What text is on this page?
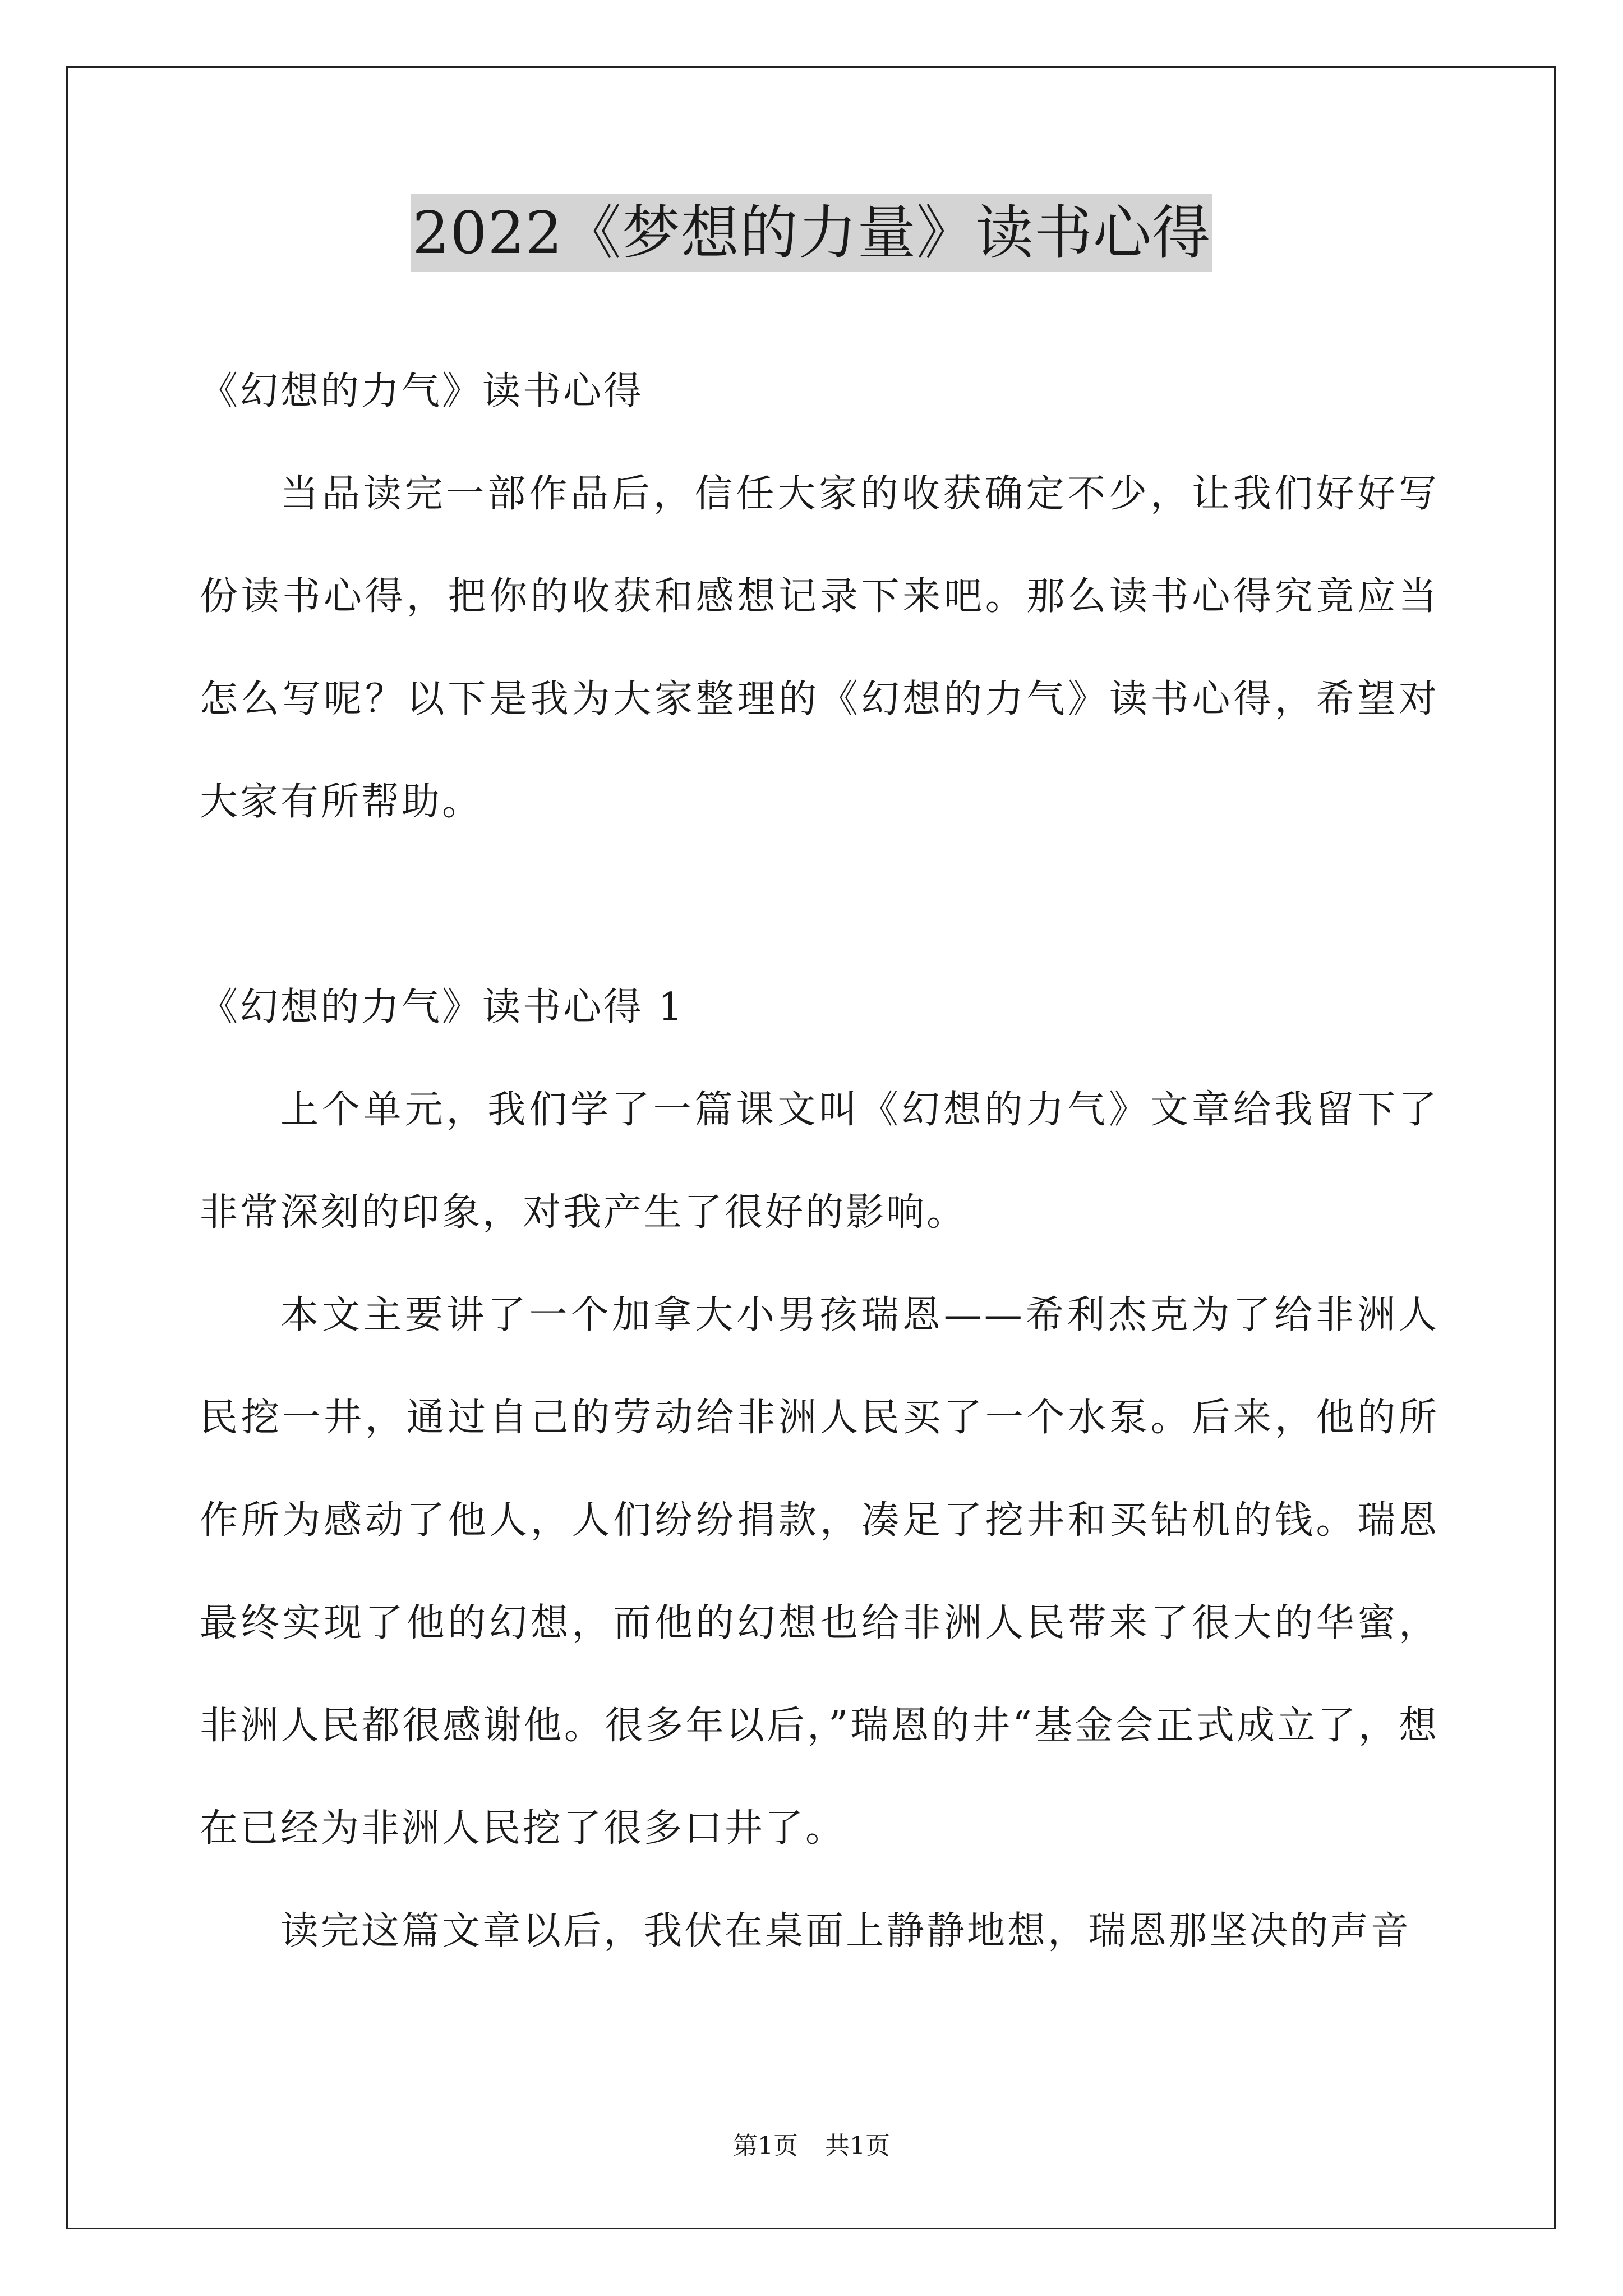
2022《梦想的力量》读书心得

《幻想的力气》读书心得

当品读完一部作品后，信任大家的收获确定不少，让我们好好写份读书心得，把你的收获和感想记录下来吧。那么读书心得究竟应当怎么写呢？以下是我为大家整理的《幻想的力气》读书心得，希望对大家有所帮助。

《幻想的力气》读书心得 1

上个单元，我们学了一篇课文叫《幻想的力气》文章给我留下了非常深刻的印象，对我产生了很好的影响。

本文主要讲了一个加拿大小男孩瑞恩——希利杰克为了给非洲人民挖一井，通过自己的劳动给非洲人民买了一个水泵。后来，他的所作所为感动了他人，人们纷纷捐款，凑足了挖井和买钻机的钱。瑞恩最终实现了他的幻想，而他的幻想也给非洲人民带来了很大的华蜜，非洲人民都很感谢他。很多年以后，”瑞恩的井“基金会正式成立了，想在已经为非洲人民挖了很多口井了。

读完这篇文章以后，我伏在桌面上静静地想，瑞恩那坚决的声音

第1页 共1页
